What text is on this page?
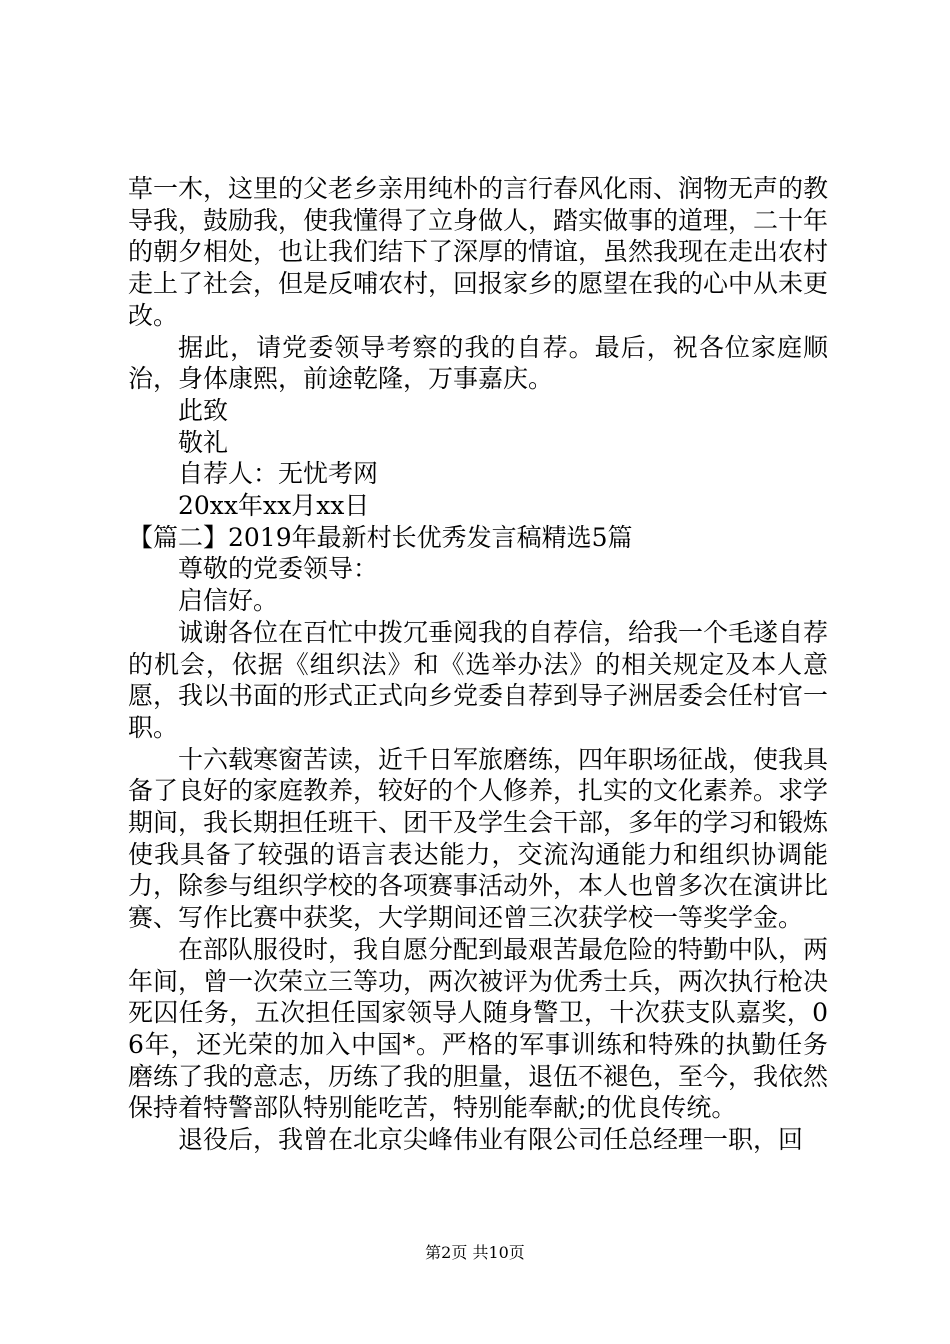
草一木，这里的父老乡亲用纯朴的言行春风化雨、润物无声的教导我，鼓励我，使我懂得了立身做人，踏实做事的道理，二十年的朝夕相处，也让我们结下了深厚的情谊，虽然我现在走出农村走上了社会，但是反哺农村，回报家乡的愿望在我的心中从未更改。

据此，请党委领导考察的我的自荐。最后，祝各位家庭顺治，身体康熙，前途乾隆，万事嘉庆。

此致

敬礼

自荐人：无忧考网

20xx年xx月xx日

【篇二】2019年最新村长优秀发言稿精选5篇

尊敬的党委领导：

启信好。

诚谢各位在百忙中拨冗垂阅我的自荐信，给我一个毛遂自荐的机会，依据《组织法》和《选举办法》的相关规定及本人意愿，我以书面的形式正式向乡党委自荐到导子洲居委会任村官一职。

十六载寒窗苦读，近千日军旅磨练，四年职场征战，使我具备了良好的家庭教养，较好的个人修养，扎实的文化素养。求学期间，我长期担任班干、团干及学生会干部，多年的学习和锻炼使我具备了较强的语言表达能力，交流沟通能力和组织协调能力，除参与组织学校的各项赛事活动外，本人也曾多次在演讲比赛、写作比赛中获奖，大学期间还曾三次获学校一等奖学金。

在部队服役时，我自愿分配到最艰苦最危险的特勤中队，两年间，曾一次荣立三等功，两次被评为优秀士兵，两次执行枪决死囚任务，五次担任国家领导人随身警卫，十次获支队嘉奖，06年，还光荣的加入中国*。严格的军事训练和特殊的执勤任务磨练了我的意志，历练了我的胆量，退伍不褪色，至今，我依然保持着特警部队特别能吃苦，特别能奉献;的优良传统。

退役后，我曾在北京尖峰伟业有限公司任总经理一职，回

第2页 共10页
